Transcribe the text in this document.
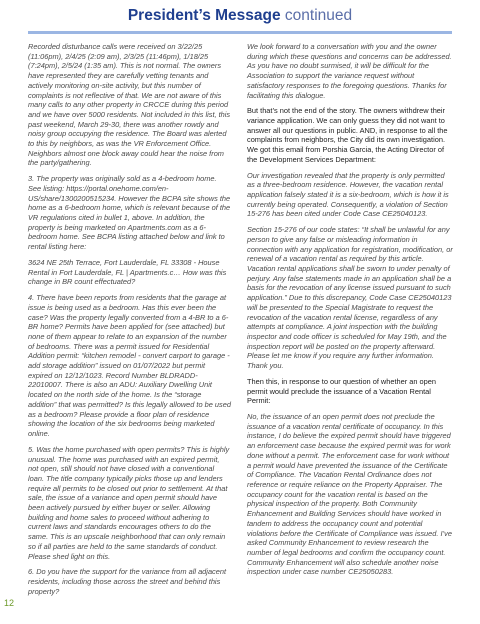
President’s Message continued

Recorded disturbance calls were received on 3/22/25 (11:06pm), 2/4/25 (2:09 am), 2/3/25 (11:46pm), 1/18/25 (7:24pm), 2/5/24 (1:35 am). This is not normal. The owners have represented they are carefully vetting tenants and actively monitoring on-site activity, but this number of complaints is not reflective of that. We are not aware of this many calls to any other property in CRCCE during this period and we have over 5000 residents. Not included in this list, this past weekend, March 29-30, there was another rowdy and noisy group occupying the residence. The Board was alerted to this by neighbors, as was the VR Enforcement Office. Neighbors almost one block away could hear the noise from the party/gathering.

3. The property was originally sold as a 4-bedroom home. See listing: https://portal.onehome.com/en-US/share/1300200515234. However the BCPA site shows the home as a 6-bedroom home, which is relevant because of the VR regulations cited in bullet 1, above. In addition, the property is being marketed on Apartments.com as a 6-bedroom home. See BCPA listing attached below and link to rental listing here:

3624 NE 25th Terrace, Fort Lauderdale, FL 33308 - House Rental in Fort Lauderdale, FL | Apartments.c… How was this change in BR count effectuated?

4. There have been reports from residents that the garage at issue is being used as a bedroom. Has this ever been the case? Was the property legally converted from a 4-BR to a 6-BR home? Permits have been applied for (see attached) but none of them appear to relate to an expansion of the number of bedrooms. There was a permit issued for Residential Addition permit: “kitchen remodel - convert carport to garage - add storage addition” issued on 01/07/2022 but permit expired on 12/12/1023. Record Number BLDRADD-22010007. There is also an ADU: Auxiliary Dwelling Unit located on the north side of the home. Is the “storage addition” that was permitted? Is this legally allowed to be used as a bedroom? Please provide a floor plan of residence showing the location of the six bedrooms being marketed online.

5. Was the home purchased with open permits? This is highly unusual. The home was purchased with an expired permit, not open, still should not have closed with a conventional loan. The title company typically picks those up and lenders require all permits to be closed out prior to settlement. At that sale, the issue of a variance and open permit should have been actively pursued by either buyer or seller. Allowing building and home sales to proceed without adhering to current laws and standards encourages others to do the same. This is an upscale neighborhood that can only remain so if all parties are held to the same standards of conduct. Please shed light on this.

6. Do you have the support for the variance from all adjacent residents, including those across the street and behind this property?

We look forward to a conversation with you and the owner during which these questions and concerns can be addressed. As you have no doubt surmised, it will be difficult for the Association to support the variance request without satisfactory responses to the foregoing questions. Thanks for facilitating this dialogue.

But that’s not the end of the story. The owners withdrew their variance application. We can only guess they did not want to answer all our questions in public. AND, in response to all the complaints from neighbors, the City did its own investigation. We got this email from Porshia Garcia, the Acting Director of the Development Services Department:

Our investigation revealed that the property is only permitted as a three-bedroom residence. However, the vacation rental application falsely stated it is a six-bedroom, which is how it is currently being operated. Consequently, a violation of Section 15-276 has been cited under Code Case CE25040123.

Section 15-276 of our code states: “It shall be unlawful for any person to give any false or misleading information in connection with any application for registration, modification, or renewal of a vacation rental as required by this article. Vacation rental applications shall be sworn to under penalty of perjury. Any false statements made in an application shall be a basis for the revocation of any license issued pursuant to such application.” Due to this discrepancy, Code Case CE25040123 will be presented to the Special Magistrate to request the revocation of the vacation rental license, regardless of any attempts at compliance. A joint inspection with the building inspector and code officer is scheduled for May 19th, and the inspection report will be posted on the property afterward. Please let me know if you require any further information. Thank you.

Then this, in response to our question of whether an open permit would preclude the issuance of a Vacation Rental Permit:

No, the issuance of an open permit does not preclude the issuance of a vacation rental certificate of occupancy. In this instance, I do believe the expired permit should have triggered an enforcement case because the expired permit was for work done without a permit. The enforcement case for work without a permit would have prevented the issuance of the Certificate of Compliance. The Vacation Rental Ordinance does not reference or require reliance on the Property Appraiser. The occupancy count for the vacation rental is based on the physical inspection of the property. Both Community Enhancement and Building Services should have worked in tandem to address the occupancy count and potential violations before the Certificate of Compliance was issued. I’ve asked Community Enhancement to review research the number of legal bedrooms and confirm the occupancy count. Community Enhancement will also schedule another noise inspection under case number CE25050283.

12
